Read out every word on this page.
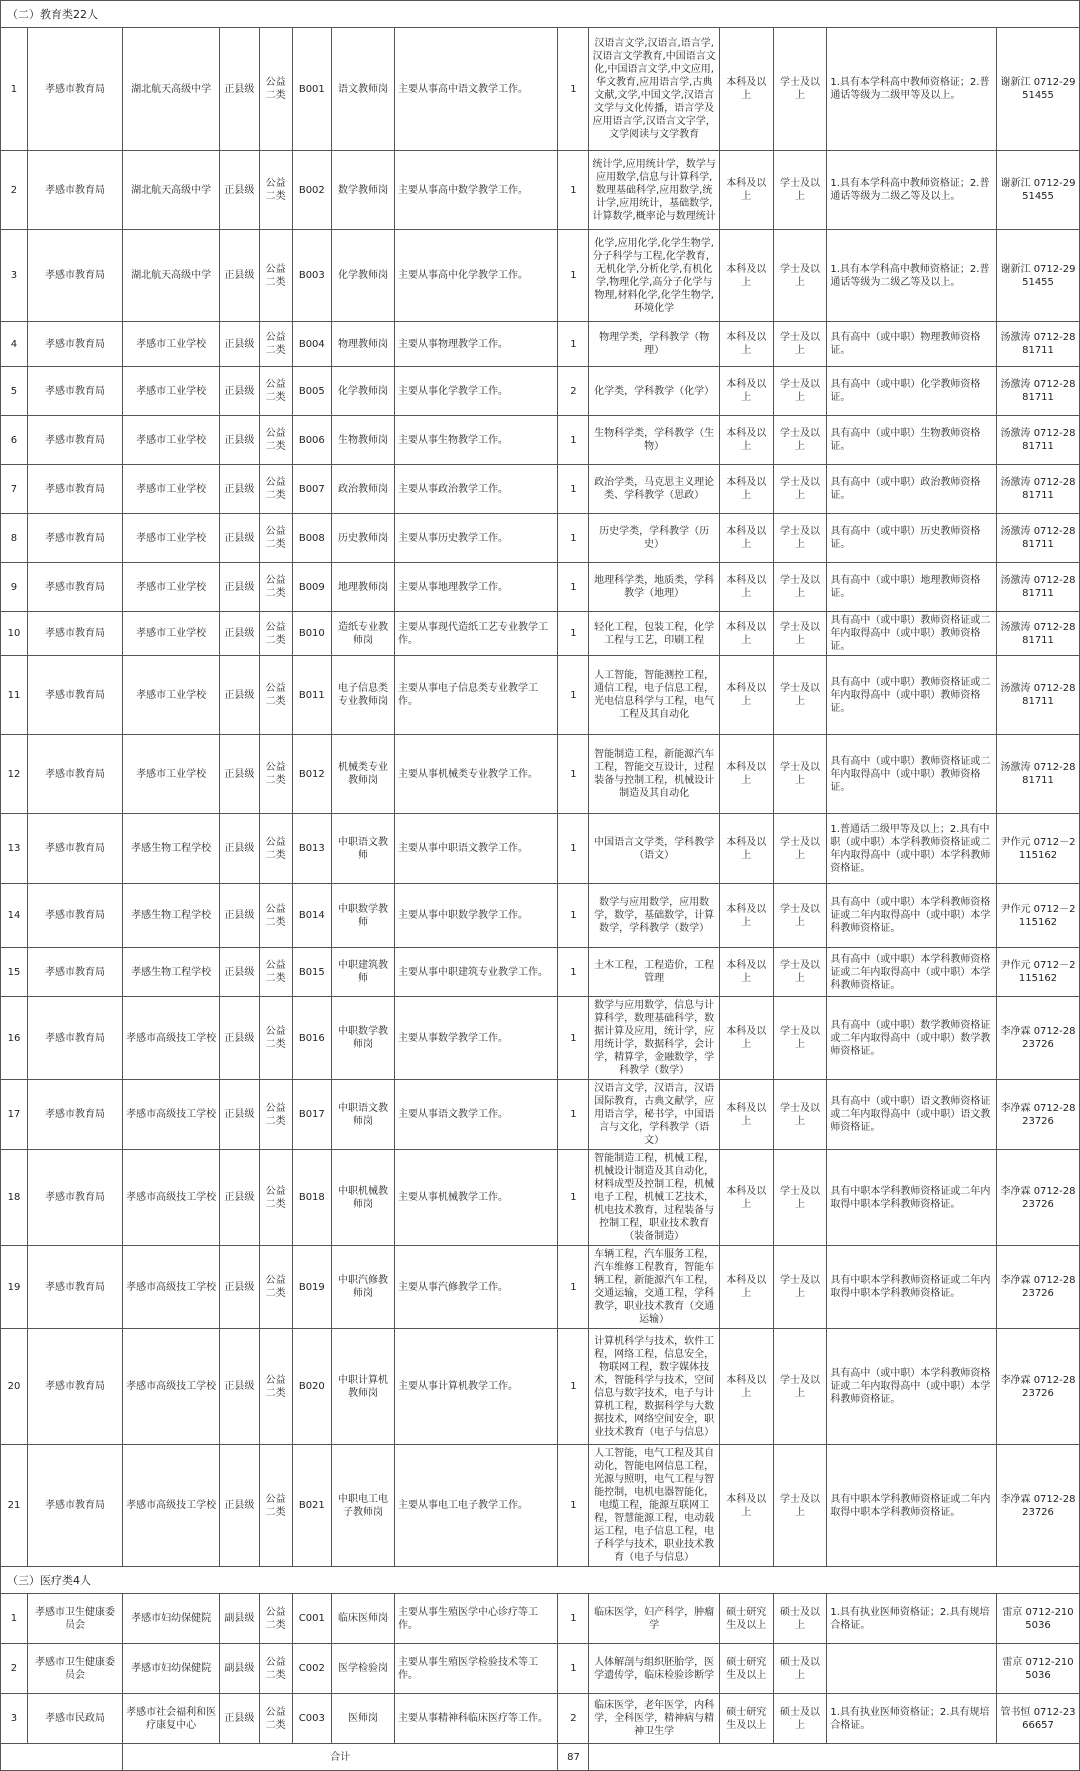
（二）教育类22人													
1	孝感市教育局	湖北航天高级中学	正县级	公益二类	B001	语文教师岗	主要从事高中语文教学工作。	1	汉语言文学,汉语言,语言学,汉语言文学教育,中国语言文化,中国语言文学,中文应用,华文教育,应用语言学,古典文献,文学,中国文学,汉语言文学与文化传播，语言学及应用语言学,汉语言文字学，文学阅读与文学教育	本科及以上	学士及以上	1.具有本学科高中教师资格证；2.普通话等级为二级甲等及以上。	谢新江 0712-2951455
2	孝感市教育局	湖北航天高级中学	正县级	公益二类	B002	数学教师岗	主要从事高中数学教学工作。	1	统计学,应用统计学，数学与应用数学,信息与计算科学,数理基础科学,应用数学,统计学,应用统计，基础数学,计算数学,概率论与数理统计	本科及以上	学士及以上	1.具有本学科高中教师资格证；2.普通话等级为二级乙等及以上。	谢新江 0712-2951455
3	孝感市教育局	湖北航天高级中学	正县级	公益二类	B003	化学教师岗	主要从事高中化学教学工作。	1	化学,应用化学,化学生物学,分子科学与工程,化学教育，无机化学,分析化学,有机化学,物理化学,高分子化学与物理,材料化学,化学生物学,环境化学	本科及以上	学士及以上	1.具有本学科高中教师资格证；2.普通话等级为二级乙等及以上。	谢新江 0712-2951455
4	孝感市教育局	孝感市工业学校	正县级	公益二类	B004	物理教师岗	主要从事物理教学工作。	1	物理学类，学科教学（物理）	本科及以上	学士及以上	具有高中（或中职）物理教师资格证。	汤激涛 0712-2881711
5	孝感市教育局	孝感市工业学校	正县级	公益二类	B005	化学教师岗	主要从事化学教学工作。	2	化学类，学科教学（化学）	本科及以上	学士及以上	具有高中（或中职）化学教师资格证。	汤激涛 0712-2881711
6	孝感市教育局	孝感市工业学校	正县级	公益二类	B006	生物教师岗	主要从事生物教学工作。	1	生物科学类，学科教学（生物）	本科及以上	学士及以上	具有高中（或中职）生物教师资格证。	汤激涛 0712-2881711
7	孝感市教育局	孝感市工业学校	正县级	公益二类	B007	政治教师岗	主要从事政治教学工作。	1	政治学类，马克思主义理论类、学科教学（思政）	本科及以上	学士及以上	具有高中（或中职）政治教师资格证。	汤激涛 0712-2881711
8	孝感市教育局	孝感市工业学校	正县级	公益二类	B008	历史教师岗	主要从事历史教学工作。	1	历史学类，学科教学（历史）	本科及以上	学士及以上	具有高中（或中职）历史教师资格证。	汤激涛 0712-2881711
9	孝感市教育局	孝感市工业学校	正县级	公益二类	B009	地理教师岗	主要从事地理教学工作。	1	地理科学类，地质类，学科教学（地理）	本科及以上	学士及以上	具有高中（或中职）地理教师资格证。	汤激涛 0712-2881711
10	孝感市教育局	孝感市工业学校	正县级	公益二类	B010	造纸专业教师岗	主要从事现代造纸工艺专业教学工作。	1	轻化工程，包装工程，化学工程与工艺，印刷工程	本科及以上	学士及以上	具有高中（或中职）教师资格证或二年内取得高中（或中职）教师资格证。	汤激涛 0712-2881711
11	孝感市教育局	孝感市工业学校	正县级	公益二类	B011	电子信息类专业教师岗	主要从事电子信息类专业教学工作。	1	人工智能，智能测控工程，通信工程，电子信息工程，光电信息科学与工程，电气工程及其自动化	本科及以上	学士及以上	具有高中（或中职）教师资格证或二年内取得高中（或中职）教师资格证。	汤激涛 0712-2881711
12	孝感市教育局	孝感市工业学校	正县级	公益二类	B012	机械类专业教师岗	主要从事机械类专业教学工作。	1	智能制造工程，新能源汽车工程，智能交互设计，过程装备与控制工程，机械设计制造及其自动化	本科及以上	学士及以上	具有高中（或中职）教师资格证或二年内取得高中（或中职）教师资格证。	汤激涛 0712-2881711
13	孝感市教育局	孝感生物工程学校	正县级	公益二类	B013	中职语文教师	主要从事中职语文教学工作。	1	中国语言文学类，学科教学（语文）	本科及以上	学士及以上	1.普通话二级甲等及以上；2.具有中职（或中职）本学科教师资格证或二年内取得高中（或中职）本学科教师资格证。	尹作元 0712－2115162
14	孝感市教育局	孝感生物工程学校	正县级	公益二类	B014	中职数学教师	主要从事中职数学教学工作。	1	数学与应用数学，应用数学，数学，基础数学，计算数学，学科教学（数学）	本科及以上	学士及以上	具有高中（或中职）本学科教师资格证或二年内取得高中（或中职）本学科教师资格证。	尹作元 0712－2115162
15	孝感市教育局	孝感生物工程学校	正县级	公益二类	B015	中职建筑教师	主要从事中职建筑专业教学工作。	1	土木工程，工程造价，工程管理	本科及以上	学士及以上	具有高中（或中职）本学科教师资格证或二年内取得高中（或中职）本学科教师资格证。	尹作元 0712－2115162
16	孝感市教育局	孝感市高级技工学校	正县级	公益二类	B016	中职数学教师岗	主要从事数学教学工作。	1	数学与应用数学，信息与计算科学，数理基础科学，数据计算及应用，统计学，应用统计学，数据科学，会计学，精算学，金融数学，学科教学（数学）	本科及以上	学士及以上	具有高中（或中职）数学教师资格证或二年内取得高中（或中职）数学教师资格证。	李净霖 0712-2823726
17	孝感市教育局	孝感市高级技工学校	正县级	公益二类	B017	中职语文教师岗	主要从事语文教学工作。	1	汉语言文学，汉语言，汉语国际教育，古典文献学，应用语言学，秘书学，中国语言与文化，学科教学（语文）	本科及以上	学士及以上	具有高中（或中职）语文教师资格证或二年内取得高中（或中职）语文教师资格证。	李净霖 0712-2823726
18	孝感市教育局	孝感市高级技工学校	正县级	公益二类	B018	中职机械教师岗	主要从事机械教学工作。	1	智能制造工程，机械工程，机械设计制造及其自动化，材料成型及控制工程，机械电子工程，机械工艺技术，机电技术教育，过程装备与控制工程，职业技术教育（装备制造）	本科及以上	学士及以上	具有中职本学科教师资格证或二年内取得中职本学科教师资格证。	李净霖 0712-2823726
19	孝感市教育局	孝感市高级技工学校	正县级	公益二类	B019	中职汽修教师岗	主要从事汽修教学工作。	1	车辆工程，汽车服务工程，汽车维修工程教育，智能车辆工程，新能源汽车工程，交通运输，交通工程，学科教学，职业技术教育（交通运输）	本科及以上	学士及以上	具有中职本学科教师资格证或二年内取得中职本学科教师资格证。	李净霖 0712-2823726
20	孝感市教育局	孝感市高级技工学校	正县级	公益二类	B020	中职计算机教师岗	主要从事计算机教学工作。	1	计算机科学与技术，软件工程，网络工程，信息安全，物联网工程，数字媒体技术，智能科学与技术，空间信息与数字技术，电子与计算机工程，数据科学与大数据技术，网络空间安全，职业技术教育（电子与信息）	本科及以上	学士及以上	具有高中（或中职）本学科教师资格证或二年内取得高中（或中职）本学科教师资格证。	李净霖 0712-2823726
21	孝感市教育局	孝感市高级技工学校	正县级	公益二类	B021	中职电工电子教师岗	主要从事电工电子教学工作。	1	人工智能，电气工程及其自动化，智能电网信息工程，光源与照明，电气工程与智能控制，电机电器智能化，电缆工程，能源互联网工程，智慧能源工程，电动载运工程，电子信息工程，电子科学与技术，职业技术教育（电子与信息）	本科及以上	学士及以上	具有中职本学科教师资格证或二年内取得中职本学科教师资格证。	李净霖 0712-2823726
（三）医疗类4人													
1	孝感市卫生健康委员会	孝感市妇幼保健院	副县级	公益二类	C001	临床医师岗	主要从事生殖医学中心诊疗等工作。	1	临床医学，妇产科学，肿瘤学	硕士研究生及以上	硕士及以上	1.具有执业医师资格证；2.具有规培合格证。	雷京 0712-2105036
2	孝感市卫生健康委员会	孝感市妇幼保健院	副县级	公益二类	C002	医学检验岗	主要从事生殖医学检验技术等工作。	1	人体解剖与组织胚胎学，医学遗传学，临床检验诊断学	硕士研究生及以上	硕士及以上		雷京 0712-2105036
3	孝感市民政局	孝感市社会福利和医疗康复中心	正县级	公益二类	C003	医师岗	主要从事精神科临床医疗等工作。	2	临床医学，老年医学，内科学，全科医学，精神病与精神卫生学	硕士研究生及以上	硕士及以上	1.具有执业医师资格证；2.具有规培合格证。	管书恒 0712-2366657
		合计						87					
